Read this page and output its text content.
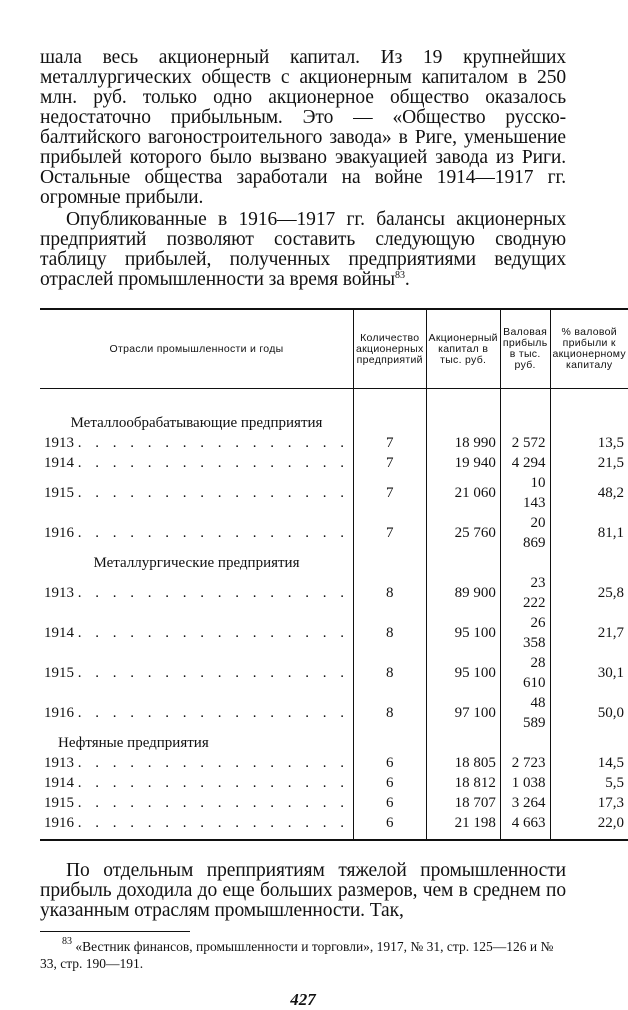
шала весь акционерный капитал. Из 19 крупнейших металлургических обществ с акционерным капиталом в 250 млн. руб. только одно акционерное общество оказалось недостаточно прибыльным. Это — «Общество русско-балтийского вагоностроительного завода» в Риге, уменьшение прибылей которого было вызвано эвакуацией завода из Риги. Остальные общества заработали на войне 1914—1917 гг. огромные прибыли.

Опубликованные в 1916—1917 гг. балансы акционерных предприятий позволяют составить следующую сводную таблицу прибылей, полученных предприятиями ведущих отраслей промышленности за время войны$^{83}$.

Отрасли промышленности и годы	Количество акционерных предприятий	Акционерный капитал в тыс. руб.	Валовая прибыль в тыс. руб.	% валовой прибыли к акционерному капиталу
Металлообрабатывающие предприятия				
1913 . . . . . . . . . . . . . . . .	7	18 990	2 572	13,5
1914 . . . . . . . . . . . . . . . .	7	19 940	4 294	21,5
1915 . . . . . . . . . . . . . . . .	7	21 060	10 143	48,2
1916 . . . . . . . . . . . . . . . .	7	25 760	20 869	81,1
Металлургические предприятия				
1913 . . . . . . . . . . . . . . . .	8	89 900	23 222	25,8
1914 . . . . . . . . . . . . . . . .	8	95 100	26 358	21,7
1915 . . . . . . . . . . . . . . . .	8	95 100	28 610	30,1
1916 . . . . . . . . . . . . . . . .	8	97 100	48 589	50,0
Нефтяные предприятия				
1913 . . . . . . . . . . . . . . . .	6	18 805	2 723	14,5
1914 . . . . . . . . . . . . . . . .	6	18 812	1 038	5,5
1915 . . . . . . . . . . . . . . . .	6	18 707	3 264	17,3
1916 . . . . . . . . . . . . . . . .	6	21 198	4 663	22,0

По отдельным препприятиям тяжелой промышленности прибыль доходила до еще больших размеров, чем в среднем по указанным отраслям промышленности. Так,

$^{83}$ «Вестник финансов, промышленности и торговли», 1917, № 31, стр. 125—126 и № 33, стр. 190—191.

427
